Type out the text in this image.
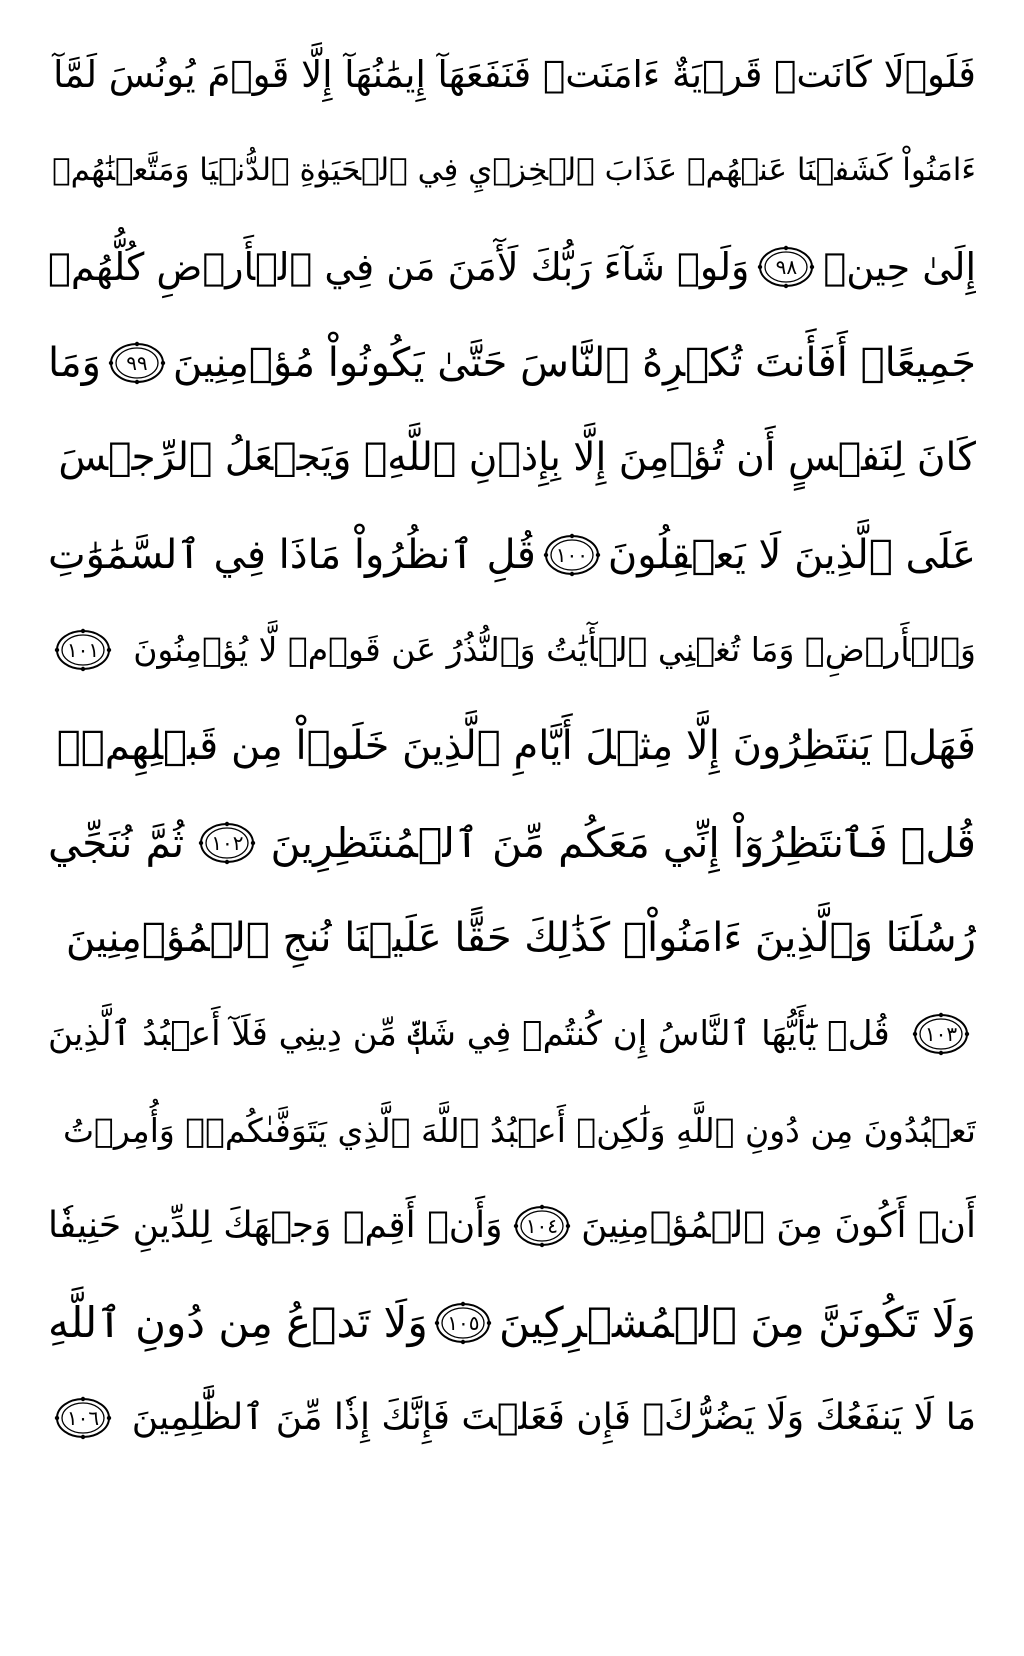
فَلَوۡلَا كَانَتۡ قَرۡيَةٌ ءَامَنَتۡ فَنَفَعَهَآ إِيمَٰنُهَآ إِلَّا قَوۡمَ يُونُسَ لَمَّآ
ءَامَنُواْ كَشَفۡنَا عَنۡهُمۡ عَذَابَ ٱلۡخِزۡيِ فِي ٱلۡحَيَوٰةِ ٱلدُّنۡيَا وَمَتَّعۡنَٰهُمۡ
إِلَىٰ حِينٖ
٩٨
وَلَوۡ شَآءَ رَبُّكَ لَأٓمَنَ مَن فِي ٱلۡأَرۡضِ كُلُّهُمۡ
جَمِيعًاۚ أَفَأَنتَ تُكۡرِهُ ٱلنَّاسَ حَتَّىٰ يَكُونُواْ مُؤۡمِنِينَ
٩٩
وَمَا
كَانَ لِنَفۡسٍ أَن تُؤۡمِنَ إِلَّا بِإِذۡنِ ٱللَّهِۚ وَيَجۡعَلُ ٱلرِّجۡسَ
عَلَى ٱلَّذِينَ لَا يَعۡقِلُونَ
١٠٠
قُلِ ٱنظُرُواْ مَاذَا فِي ٱلسَّمَٰوَٰتِ
وَٱلۡأَرۡضِۚ وَمَا تُغۡنِي ٱلۡأٓيَٰتُ وَٱلنُّذُرُ عَن قَوۡمٖ لَّا يُؤۡمِنُونَ
١٠١
فَهَلۡ يَنتَظِرُونَ إِلَّا مِثۡلَ أَيَّامِ ٱلَّذِينَ خَلَوۡاْ مِن قَبۡلِهِمۡۚ
قُلۡ فَٱنتَظِرُوٓاْ إِنِّي مَعَكُم مِّنَ ٱلۡمُنتَظِرِينَ
١٠٢
ثُمَّ نُنَجِّي
رُسُلَنَا وَٱلَّذِينَ ءَامَنُواْۚ كَذَٰلِكَ حَقًّا عَلَيۡنَا نُنجِ ٱلۡمُؤۡمِنِينَ
١٠٣
قُلۡ يَٰٓأَيُّهَا ٱلنَّاسُ إِن كُنتُمۡ فِي شَكّٖ مِّن دِينِي فَلَآ أَعۡبُدُ ٱلَّذِينَ
تَعۡبُدُونَ مِن دُونِ ٱللَّهِ وَلَٰكِنۡ أَعۡبُدُ ٱللَّهَ ٱلَّذِي يَتَوَفَّىٰكُمۡۖ وَأُمِرۡتُ
أَنۡ أَكُونَ مِنَ ٱلۡمُؤۡمِنِينَ
١٠٤
وَأَنۡ أَقِمۡ وَجۡهَكَ لِلدِّينِ حَنِيفٗا
وَلَا تَكُونَنَّ مِنَ ٱلۡمُشۡرِكِينَ
١٠٥
وَلَا تَدۡعُ مِن دُونِ ٱللَّهِ
مَا لَا يَنفَعُكَ وَلَا يَضُرُّكَۖ فَإِن فَعَلۡتَ فَإِنَّكَ إِذٗا مِّنَ ٱلظَّٰلِمِينَ
١٠٦
